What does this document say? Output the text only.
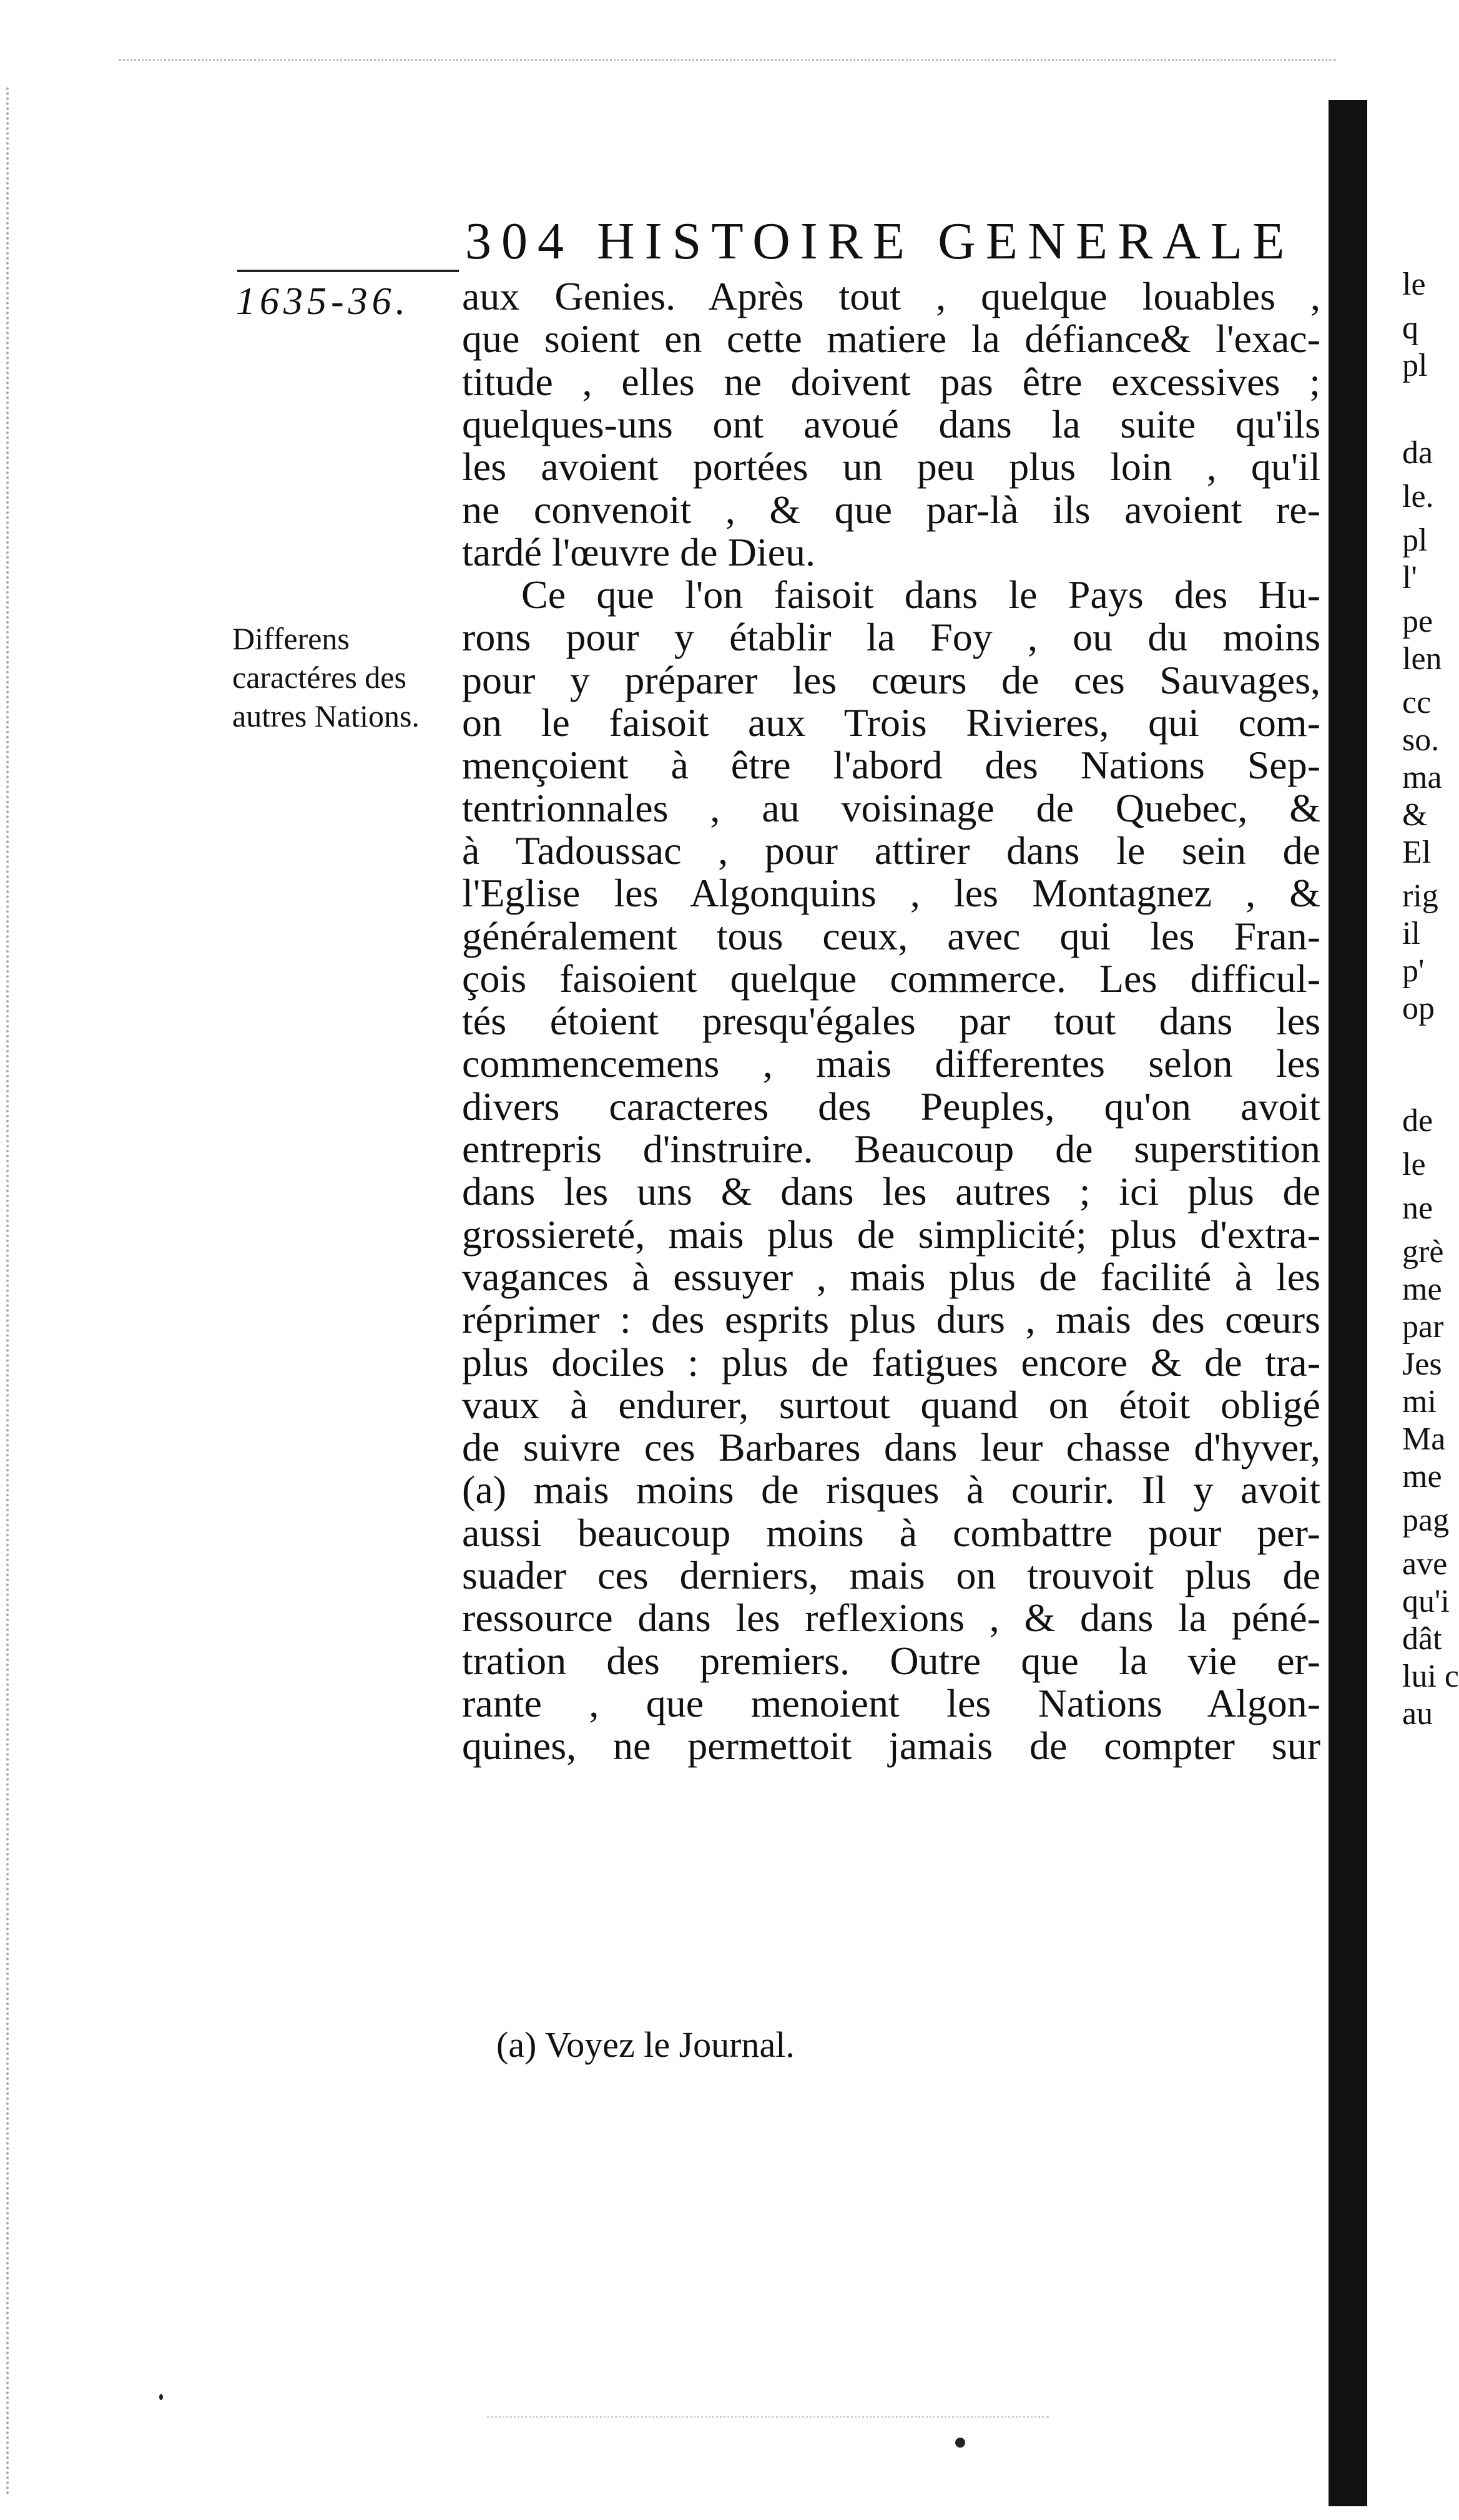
304 HISTOIRE GENERALE
1635-36.
Differens caractéres des autres Nations.
aux Genies. Après tout , quelque louables ,
que soient en cette matiere la défiance& l'exac-
titude , elles ne doivent pas être excessives ;
quelques-uns ont avoué dans la suite qu'ils
les avoient portées un peu plus loin , qu'il
ne convenoit , & que par-là ils avoient re-
tardé l'œuvre de Dieu.
Ce que l'on faisoit dans le Pays des Hu-
rons pour y établir la Foy , ou du moins
pour y préparer les cœurs de ces Sauvages,
on le faisoit aux Trois Rivieres, qui com-
mençoient à être l'abord des Nations Sep-
tentrionnales , au voisinage de Quebec, &
à Tadoussac , pour attirer dans le sein de
l'Eglise les Algonquins , les Montagnez , &
généralement tous ceux, avec qui les Fran-
çois faisoient quelque commerce. Les difficul-
tés étoient presqu'égales par tout dans les
commencemens , mais differentes selon les
divers caracteres des Peuples, qu'on avoit
entrepris d'instruire. Beaucoup de superstition
dans les uns & dans les autres ; ici plus de
grossiereté, mais plus de simplicité; plus d'extra-
vagances à essuyer , mais plus de facilité à les
réprimer : des esprits plus durs , mais des cœurs
plus dociles : plus de fatigues encore & de tra-
vaux à endurer, surtout quand on étoit obligé
de suivre ces Barbares dans leur chasse d'hyver,
(a) mais moins de risques à courir. Il y avoit
aussi beaucoup moins à combattre pour per-
suader ces derniers, mais on trouvoit plus de
ressource dans les reflexions , & dans la péné-
tration des premiers. Outre que la vie er-
rante , que menoient les Nations Algon-
quines, ne permettoit jamais de compter sur
(a) Voyez le Journal.
le
q
pl
da
le.
pl
l'
pe
len
cc
so.
ma
&
El
rig
il
p'
op
de
le
ne
grè
me
par
Jes
mi
Ma
me
pag
ave
qu'i
dât
lui c
au
